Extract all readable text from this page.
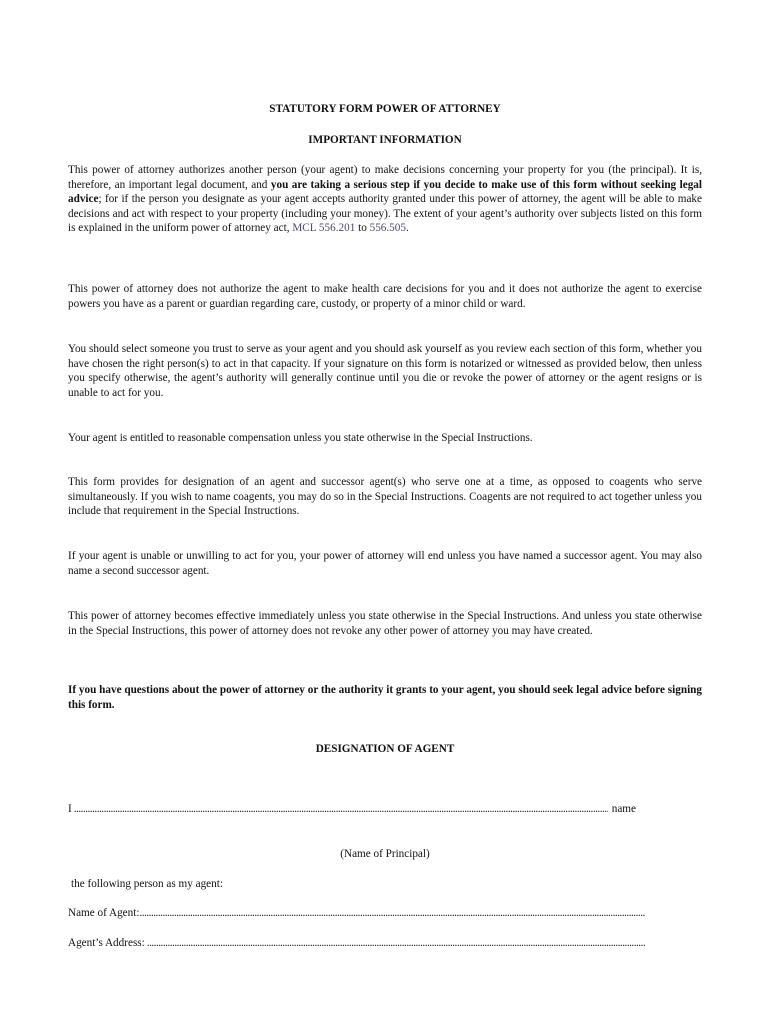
STATUTORY FORM POWER OF ATTORNEY
IMPORTANT INFORMATION

This power of attorney authorizes another person (your agent) to make decisions concerning your property for you (the principal). It is, therefore, an important legal document, and you are taking a serious step if you decide to make use of this form without seeking legal advice; for if the person you designate as your agent accepts authority granted under this power of attorney, the agent will be able to make decisions and act with respect to your property (including your money). The extent of your agent’s authority over subjects listed on this form is explained in the uniform power of attorney act, MCL 556.201 to 556.505.

This power of attorney does not authorize the agent to make health care decisions for you and it does not authorize the agent to exercise powers you have as a parent or guardian regarding care, custody, or property of a minor child or ward.

You should select someone you trust to serve as your agent and you should ask yourself as you review each section of this form, whether you have chosen the right person(s) to act in that capacity. If your signature on this form is notarized or witnessed as provided below, then unless you specify otherwise, the agent’s authority will generally continue until you die or revoke the power of attorney or the agent resigns or is unable to act for you.

Your agent is entitled to reasonable compensation unless you state otherwise in the Special Instructions.

This form provides for designation of an agent and successor agent(s) who serve one at a time, as opposed to coagents who serve simultaneously. If you wish to name coagents, you may do so in the Special Instructions. Coagents are not required to act together unless you include that requirement in the Special Instructions.

If your agent is unable or unwilling to act for you, your power of attorney will end unless you have named a successor agent. You may also name a second successor agent.

This power of attorney becomes effective immediately unless you state otherwise in the Special Instructions. And unless you state otherwise in the Special Instructions, this power of attorney does not revoke any other power of attorney you may have created.

If you have questions about the power of attorney or the authority it grants to your agent, you should seek legal advice before signing this form.

DESIGNATION OF AGENT
I.....	name
(Name of Principal)
the following person as my agent:
Name of Agent:.....
Agent’s Address:.....
